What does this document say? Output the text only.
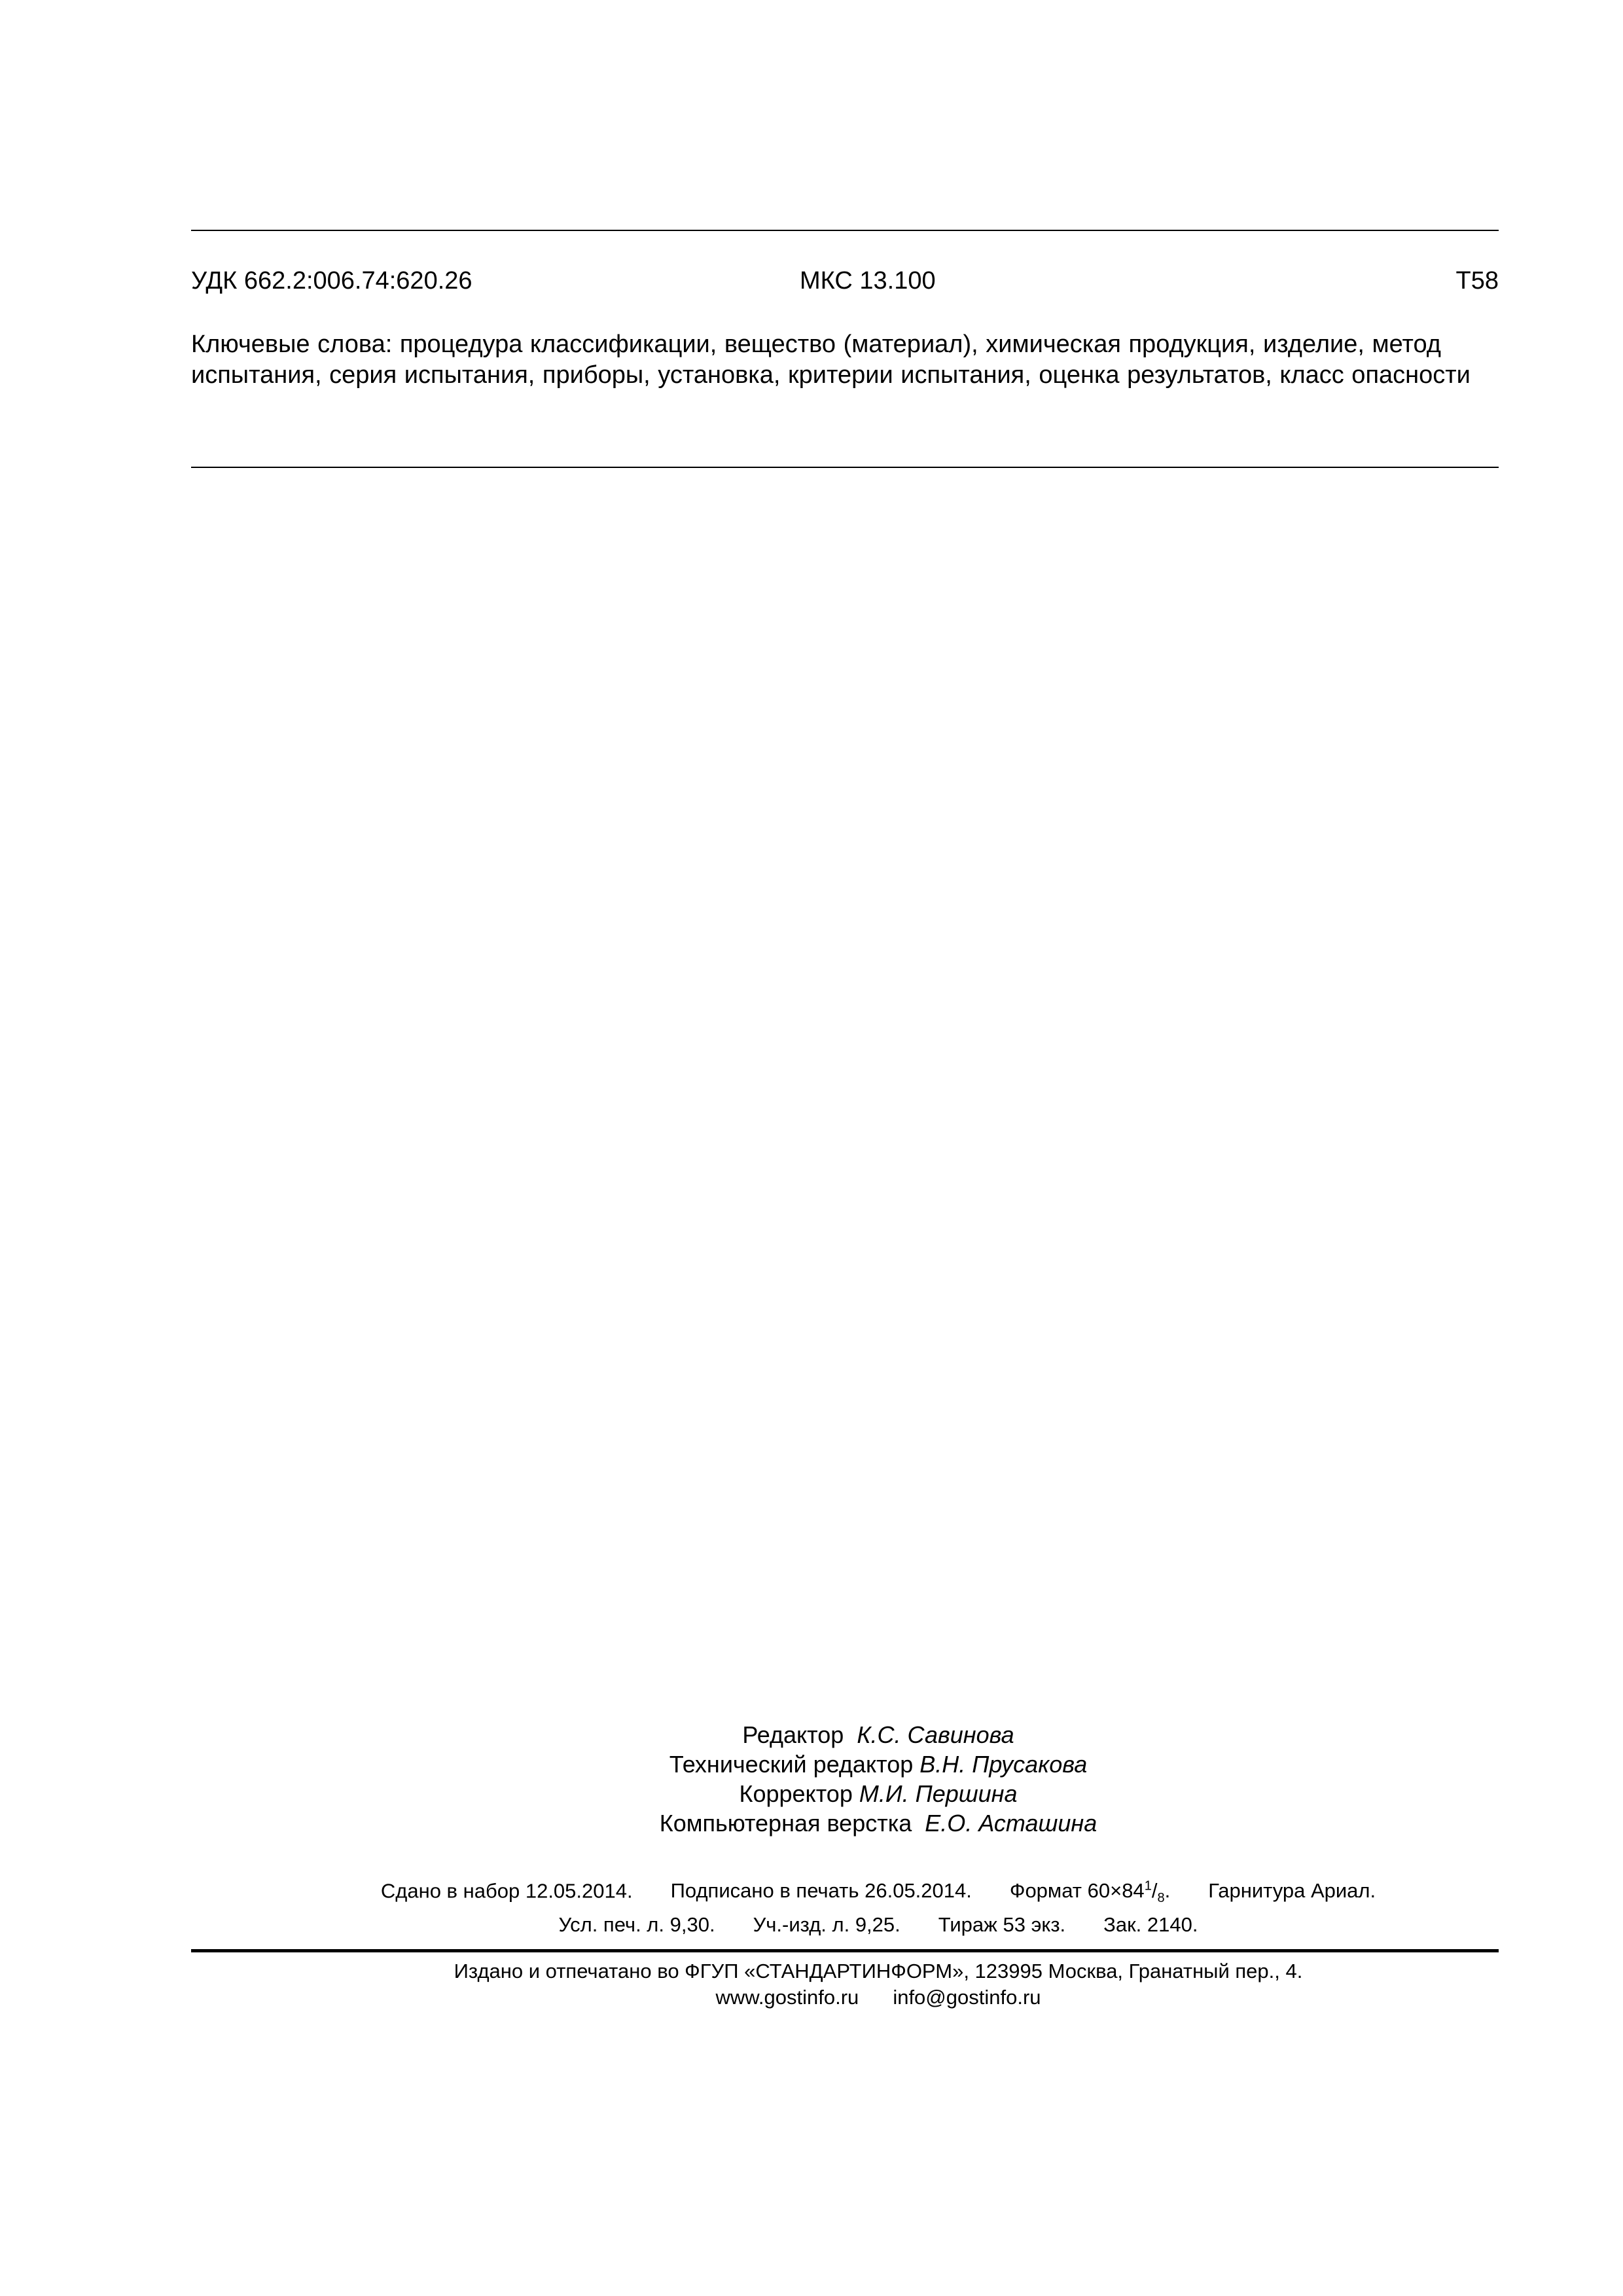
УДК 662.2:006.74:620.26	МКС 13.100	Т58
Ключевые слова: процедура классификации, вещество (материал), химическая продукция, изделие, метод испытания, серия испытания, приборы, установка, критерии испытания, оценка результатов, класс опасности
Редактор К.С. Савинова
Технический редактор В.Н. Прусакова
Корректор М.И. Першина
Компьютерная верстка Е.О. Асташина
Сдано в набор 12.05.2014. Подписано в печать 26.05.2014. Формат $60\times 84^1/_8$. Гарнитура Ариал.
Усл. печ. л. 9,30. Уч.-изд. л. 9,25. Тираж 53 экз. Зак. 2140.
Издано и отпечатано во ФГУП «СТАНДАРТИНФОРМ», 123995 Москва, Гранатный пер., 4.
www.gostinfo.ru info@gostinfo.ru
